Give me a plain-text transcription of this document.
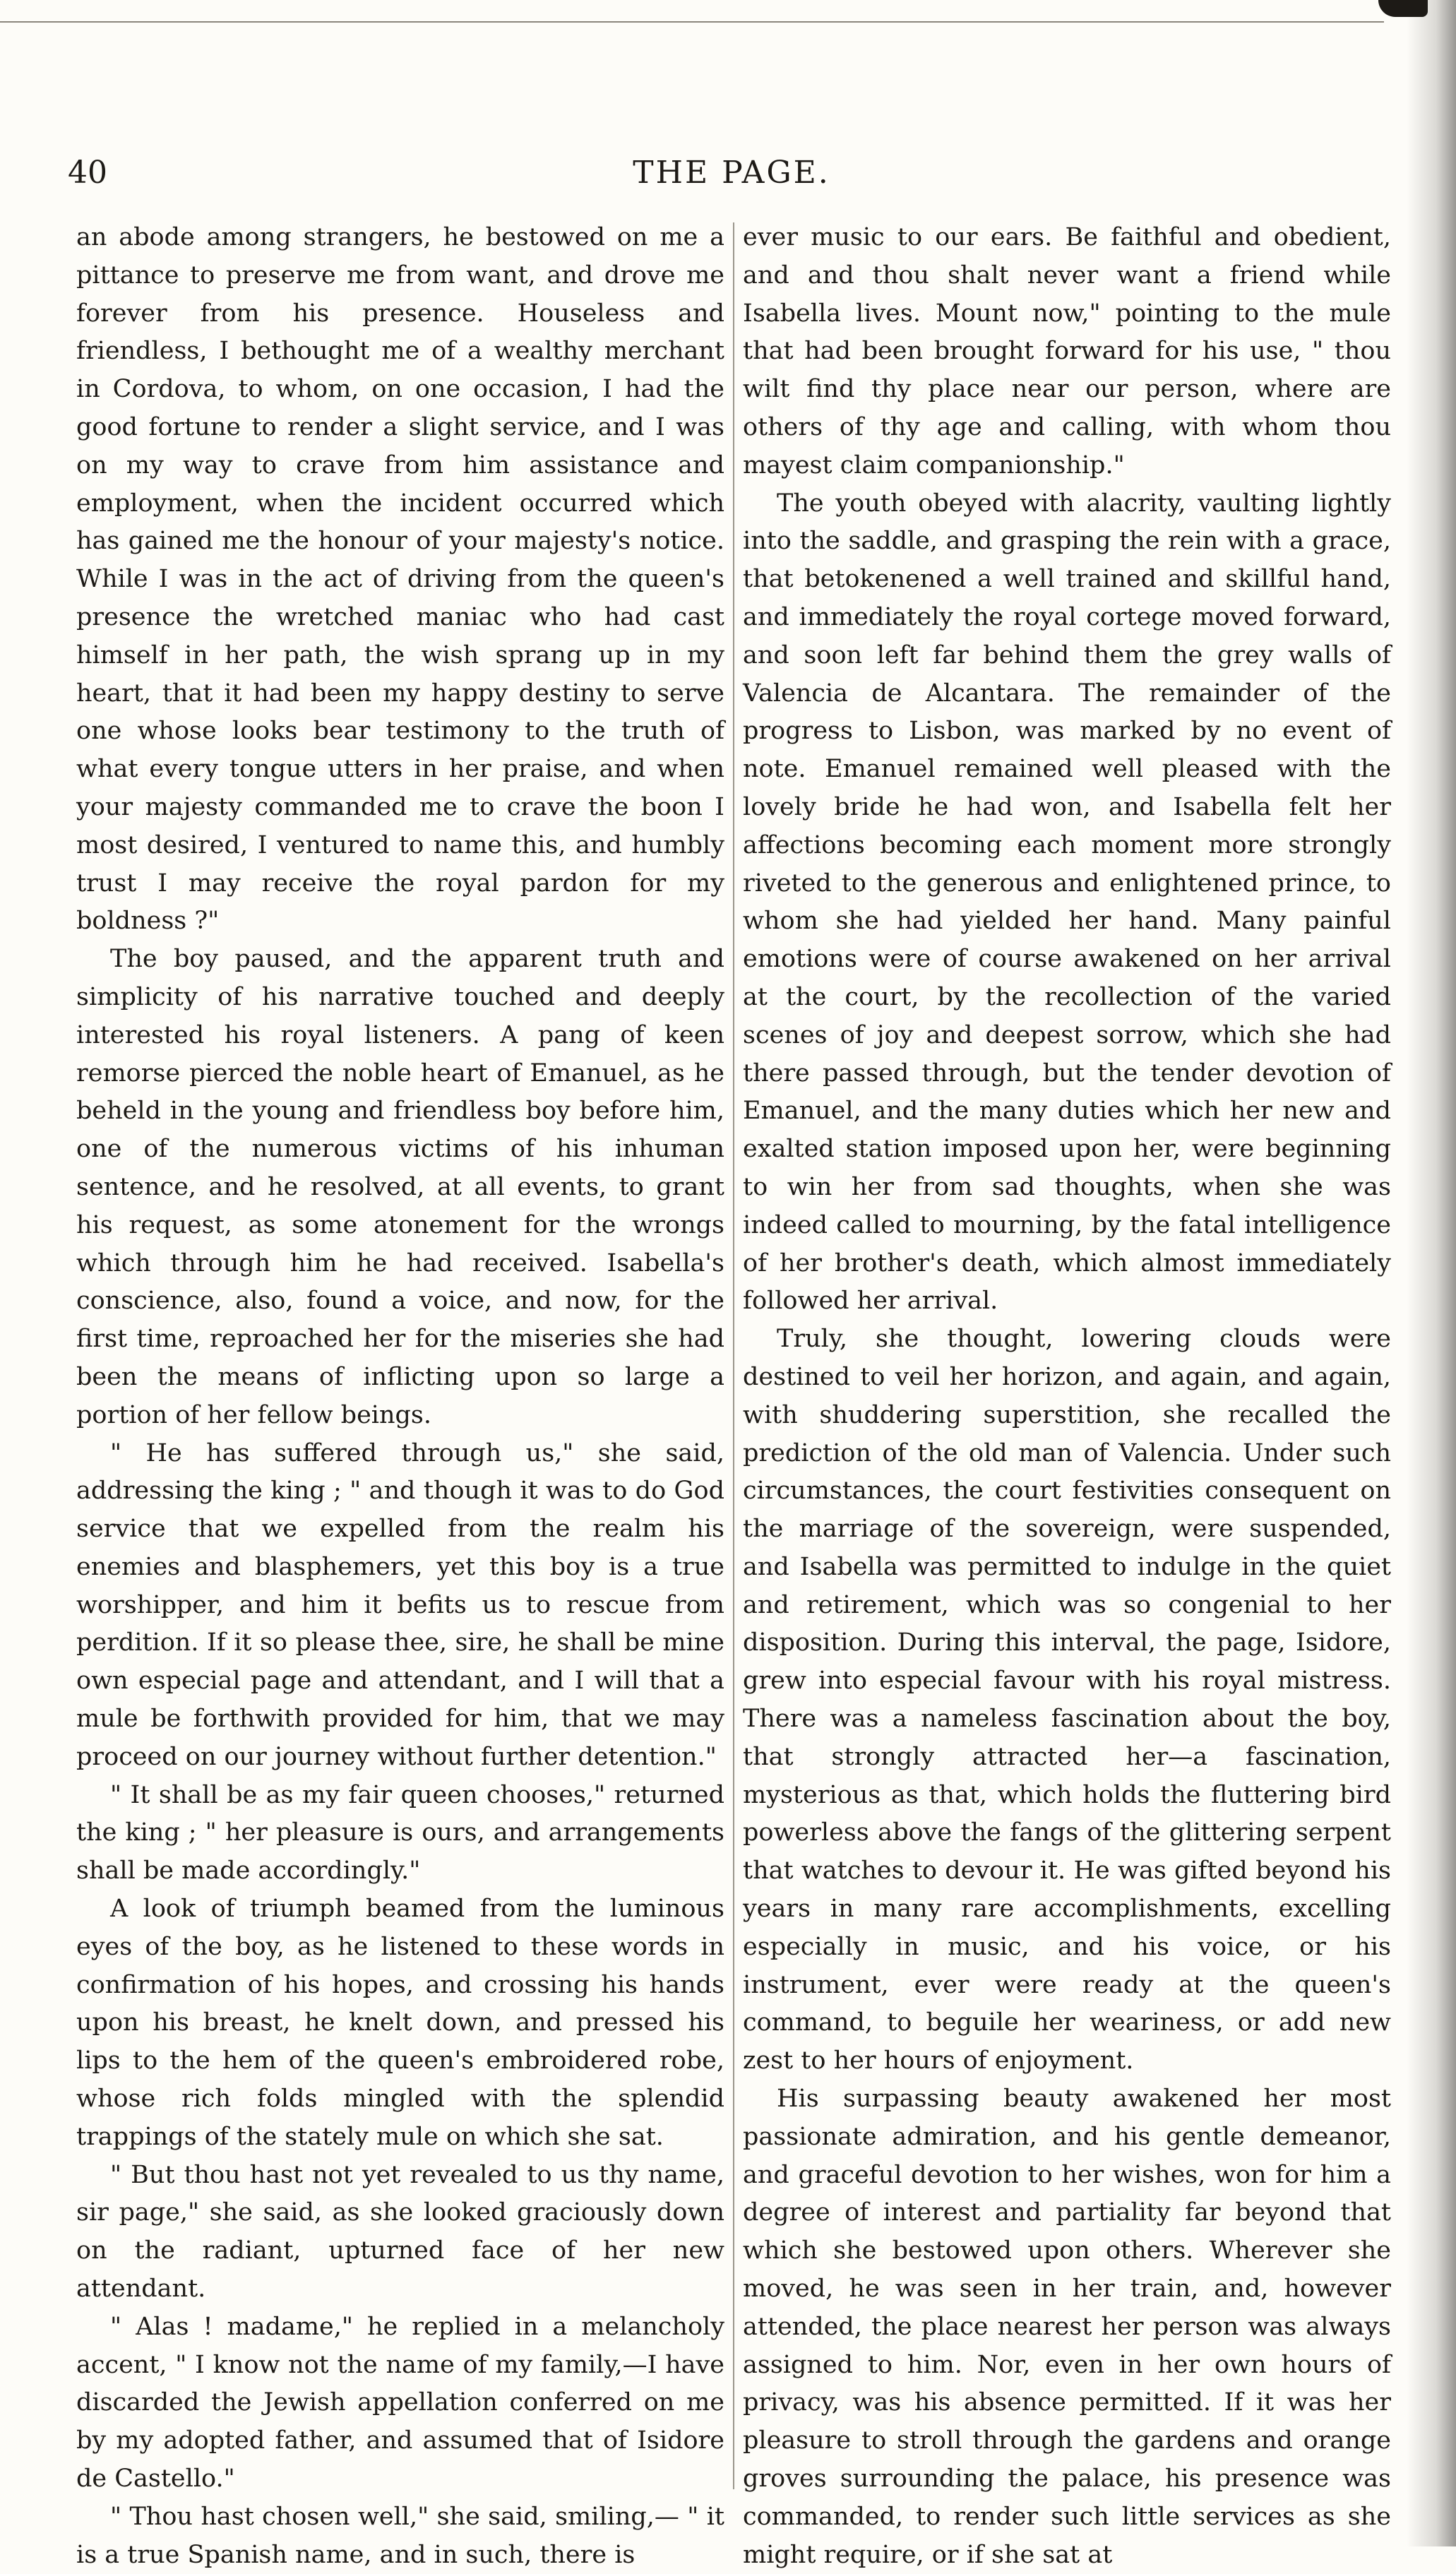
40	THE PAGE.

an abode among strangers, he bestowed on me a pittance to preserve me from want, and drove me forever from his presence. Houseless and friendless, I bethought me of a wealthy merchant in Cordova, to whom, on one occasion, I had the good fortune to render a slight service, and I was on my way to crave from him assistance and employment, when the incident occurred which has gained me the honour of your majesty's notice. While I was in the act of driving from the queen's presence the wretched maniac who had cast himself in her path, the wish sprang up in my heart, that it had been my happy destiny to serve one whose looks bear testimony to the truth of what every tongue utters in her praise, and when your majesty commanded me to crave the boon I most desired, I ventured to name this, and humbly trust I may receive the royal pardon for my boldness ?"

The boy paused, and the apparent truth and simplicity of his narrative touched and deeply interested his royal listeners. A pang of keen remorse pierced the noble heart of Emanuel, as he beheld in the young and friendless boy before him, one of the numerous victims of his inhuman sentence, and he resolved, at all events, to grant his request, as some atonement for the wrongs which through him he had received. Isabella's conscience, also, found a voice, and now, for the first time, reproached her for the miseries she had been the means of inflicting upon so large a portion of her fellow beings.

" He has suffered through us," she said, addressing the king ; " and though it was to do God service that we expelled from the realm his enemies and blasphemers, yet this boy is a true worshipper, and him it befits us to rescue from perdition. If it so please thee, sire, he shall be mine own especial page and attendant, and I will that a mule be forthwith provided for him, that we may proceed on our journey without further detention."

" It shall be as my fair queen chooses," returned the king ; " her pleasure is ours, and arrangements shall be made accordingly."

A look of triumph beamed from the luminous eyes of the boy, as he listened to these words in confirmation of his hopes, and crossing his hands upon his breast, he knelt down, and pressed his lips to the hem of the queen's embroidered robe, whose rich folds mingled with the splendid trappings of the stately mule on which she sat.

" But thou hast not yet revealed to us thy name, sir page," she said, as she looked graciously down on the radiant, upturned face of her new attendant.

" Alas ! madame," he replied in a melancholy accent, " I know not the name of my family,—I have discarded the Jewish appellation conferred on me by my adopted father, and assumed that of Isidore de Castello."

" Thou hast chosen well," she said, smiling,— " it is a true Spanish name, and in such, there is

ever music to our ears. Be faithful and obedient, and and thou shalt never want a friend while Isabella lives. Mount now," pointing to the mule that had been brought forward for his use, " thou wilt find thy place near our person, where are others of thy age and calling, with whom thou mayest claim companionship."

The youth obeyed with alacrity, vaulting lightly into the saddle, and grasping the rein with a grace, that betokenened a well trained and skillful hand, and immediately the royal cortege moved forward, and soon left far behind them the grey walls of Valencia de Alcantara. The remainder of the progress to Lisbon, was marked by no event of note. Emanuel remained well pleased with the lovely bride he had won, and Isabella felt her affections becoming each moment more strongly riveted to the generous and enlightened prince, to whom she had yielded her hand. Many painful emotions were of course awakened on her arrival at the court, by the recollection of the varied scenes of joy and deepest sorrow, which she had there passed through, but the tender devotion of Emanuel, and the many duties which her new and exalted station imposed upon her, were beginning to win her from sad thoughts, when she was indeed called to mourning, by the fatal intelligence of her brother's death, which almost immediately followed her arrival.

Truly, she thought, lowering clouds were destined to veil her horizon, and again, and again, with shuddering superstition, she recalled the prediction of the old man of Valencia. Under such circumstances, the court festivities consequent on the marriage of the sovereign, were suspended, and Isabella was permitted to indulge in the quiet and retirement, which was so congenial to her disposition. During this interval, the page, Isidore, grew into especial favour with his royal mistress. There was a nameless fascination about the boy, that strongly attracted her—a fascination, mysterious as that, which holds the fluttering bird powerless above the fangs of the glittering serpent that watches to devour it. He was gifted beyond his years in many rare accomplishments, excelling especially in music, and his voice, or his instrument, ever were ready at the queen's command, to beguile her weariness, or add new zest to her hours of enjoyment.

His surpassing beauty awakened her most passionate admiration, and his gentle demeanor, and graceful devotion to her wishes, won for him a degree of interest and partiality far beyond that which she bestowed upon others. Wherever she moved, he was seen in her train, and, however attended, the place nearest her person was always assigned to him. Nor, even in her own hours of privacy, was his absence permitted. If it was her pleasure to stroll through the gardens and orange groves surrounding the palace, his presence was commanded, to render such little services as she might require, or if she sat at
